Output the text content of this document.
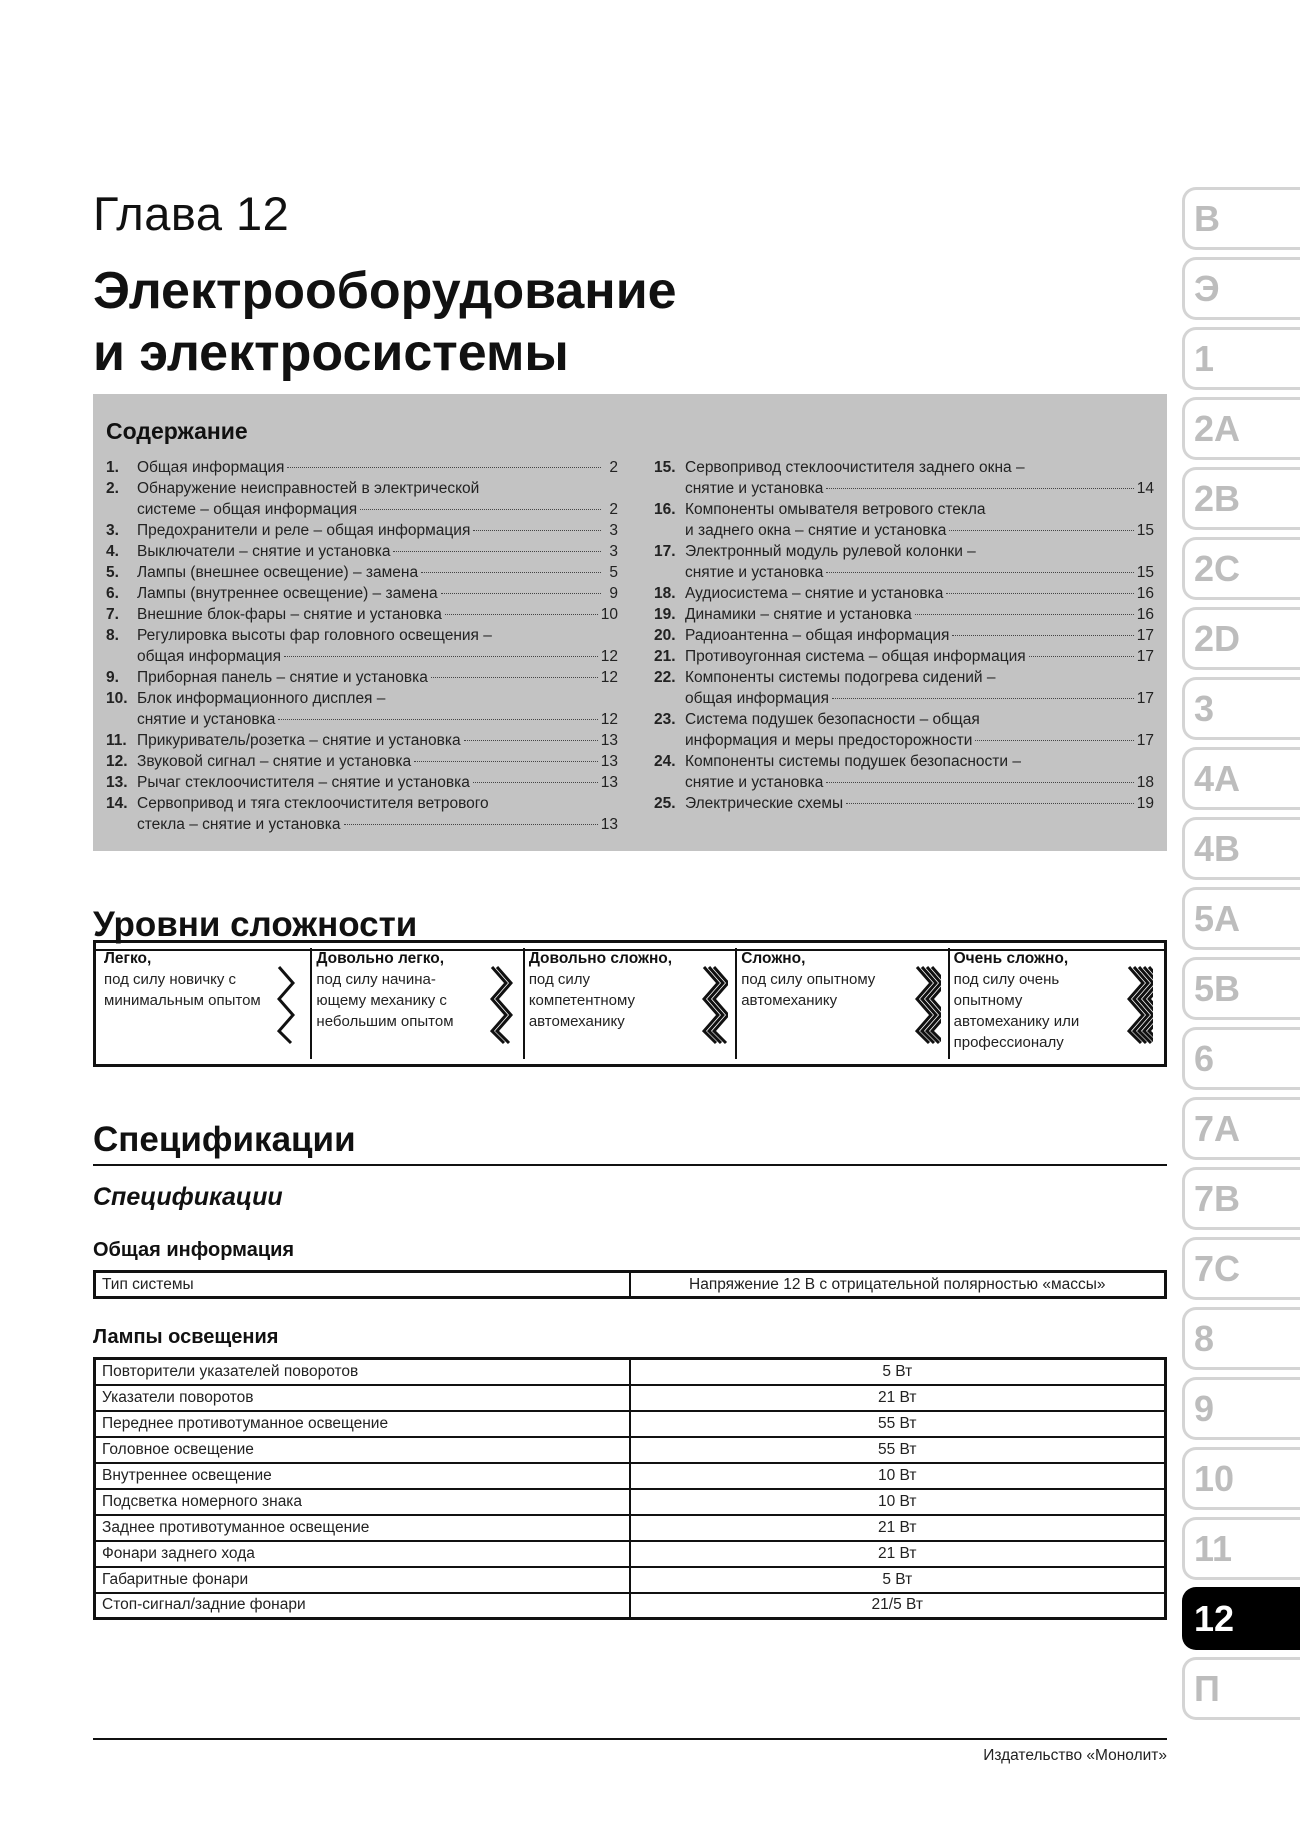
Глава 12
Электрооборудование
и электросистемы
Содержание
1.	Общая информация	2
2.	Обнаружение неисправностей в электрической
системе – общая информация	2
3.	Предохранители и реле – общая информация	3
4.	Выключатели – снятие и установка	3
5.	Лампы (внешнее освещение) – замена	5
6.	Лампы (внутреннее освещение) – замена	9
7.	Внешние блок-фары – снятие и установка	10
8.	Регулировка высоты фар головного освещения –
общая информация	12
9.	Приборная панель – снятие и установка	12
10. Блок информационного дисплея –
снятие и установка	12
11. Прикуриватель/розетка – снятие и установка	13
12. Звуковой сигнал – снятие и установка	13
13. Рычаг стеклоочистителя – снятие и установка	13
14. Сервопривод и тяга стеклоочистителя ветрового
стекла – снятие и установка	13
15. Сервопривод стеклоочистителя заднего окна –
снятие и установка	14
16. Компоненты омывателя ветрового стекла
и заднего окна – снятие и установка	15
17. Электронный модуль рулевой колонки –
снятие и установка	15
18. Аудиосистема – снятие и установка	16
19. Динамики – снятие и установка	16
20. Радиоантенна – общая информация	17
21. Противоугонная система – общая информация	17
22. Компоненты системы подогрева сидений –
общая информация	17
23. Система подушек безопасности – общая
информация и меры предосторожности	17
24. Компоненты системы подушек безопасности –
снятие и установка	18
25. Электрические схемы	19
Уровни сложности
Легко,
под силу новичку с минимальным опытом
Довольно легко,
под силу начина-ющему механику с небольшим опытом
Довольно сложно,
под силу компетентному автомеханику
Сложно,
под силу опытному автомеханику
Очень сложно,
под силу очень опытному автомеханику или профессионалу
Спецификации
Спецификации
Общая информация
Тип системы	Напряжение 12 В с отрицательной полярностью «массы»
Лампы освещения
Повторители указателей поворотов	5 Вт
Указатели поворотов	21 Вт
Переднее противотуманное освещение	55 Вт
Головное освещение	55 Вт
Внутреннее освещение	10 Вт
Подсветка номерного знака	10 Вт
Заднее противотуманное освещение	21 Вт
Фонари заднего хода	21 Вт
Габаритные фонари	5 Вт
Стоп-сигнал/задние фонари	21/5 Вт
Издательство «Монолит»
В
Э
1
2A
2B
2C
2D
3
4A
4B
5A
5B
6
7A
7B
7C
8
9
10
11
12
П
